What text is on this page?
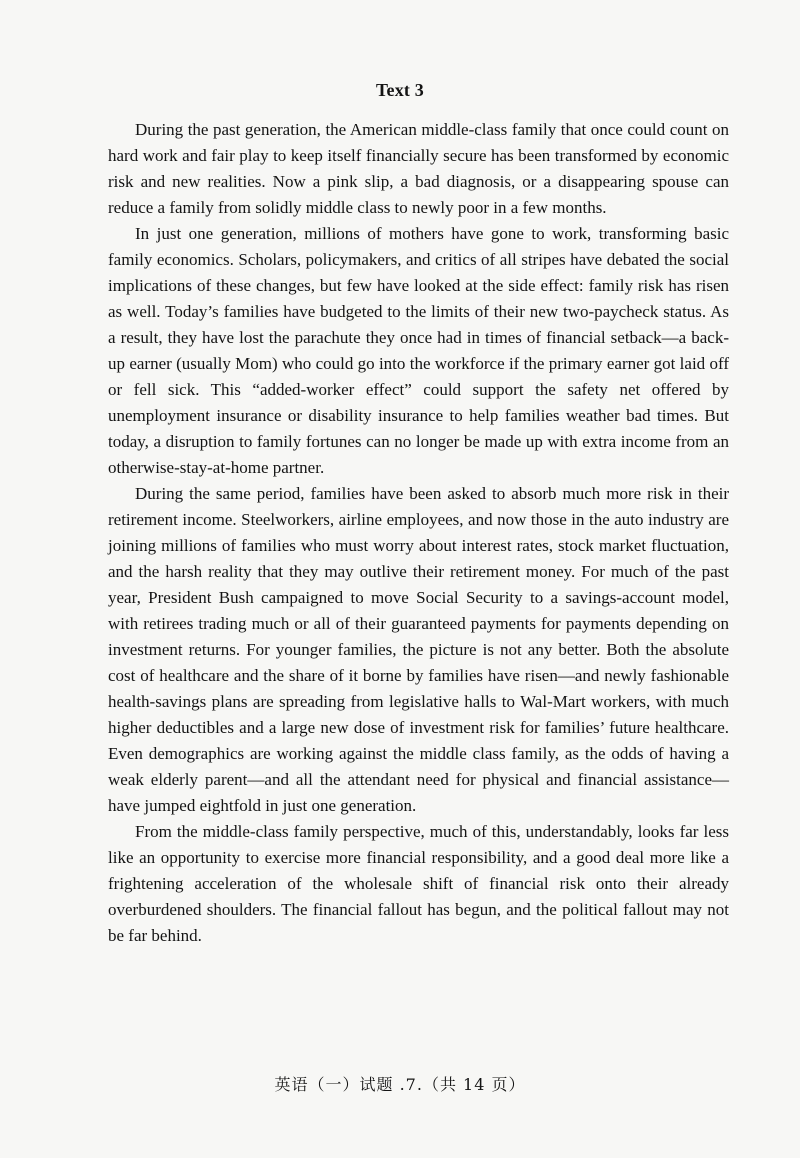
Text 3

During the past generation, the American middle-class family that once could count on hard work and fair play to keep itself financially secure has been transformed by economic risk and new realities. Now a pink slip, a bad diagnosis, or a disappearing spouse can reduce a family from solidly middle class to newly poor in a few months.

In just one generation, millions of mothers have gone to work, transforming basic family economics. Scholars, policymakers, and critics of all stripes have debated the social implications of these changes, but few have looked at the side effect: family risk has risen as well. Today’s families have budgeted to the limits of their new two-paycheck status. As a result, they have lost the parachute they once had in times of financial setback—a back-up earner (usually Mom) who could go into the workforce if the primary earner got laid off or fell sick. This “added-worker effect” could support the safety net offered by unemployment insurance or disability insurance to help families weather bad times. But today, a disruption to family fortunes can no longer be made up with extra income from an otherwise-stay-at-home partner.

During the same period, families have been asked to absorb much more risk in their retirement income. Steelworkers, airline employees, and now those in the auto industry are joining millions of families who must worry about interest rates, stock market fluctuation, and the harsh reality that they may outlive their retirement money. For much of the past year, President Bush campaigned to move Social Security to a savings-account model, with retirees trading much or all of their guaranteed payments for payments depending on investment returns. For younger families, the picture is not any better. Both the absolute cost of healthcare and the share of it borne by families have risen—and newly fashionable health-savings plans are spreading from legislative halls to Wal-Mart workers, with much higher deductibles and a large new dose of investment risk for families’ future healthcare. Even demographics are working against the middle class family, as the odds of having a weak elderly parent—and all the attendant need for physical and financial assistance—have jumped eightfold in just one generation.

From the middle-class family perspective, much of this, understandably, looks far less like an opportunity to exercise more financial responsibility, and a good deal more like a frightening acceleration of the wholesale shift of financial risk onto their already overburdened shoulders. The financial fallout has begun, and the political fallout may not be far behind.

英语（一）试题 .7.（共 14 页）
